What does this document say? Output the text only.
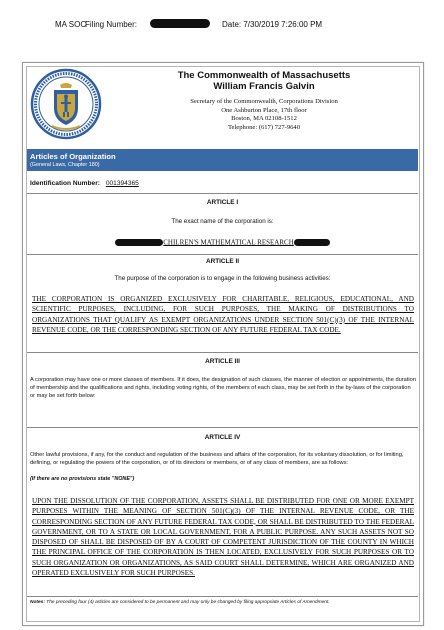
MA SOC
Filing Number:	Date: 7/30/2019 7:26:00 PM
The Commonwealth of Massachusetts
William Francis Galvin
Secretary of the Commonwealth, Corporations Division
One Ashburton Place, 17th floor
Boston, MA 02108-1512
Telephone: (617) 727-9640
Articles of Organization
(General Laws, Chapter 180)
Identification Number: 001394365
ARTICLE I
The exact name of the corporation is:
CHILREN'S MATHEMATICAL RESEARCH
ARTICLE II
The purpose of the corporation is to engage in the following business activities:
THE CORPORATION IS ORGANIZED EXCLUSIVELY FOR CHARITABLE, RELIGIOUS, EDUCATIONAL, AND SCIENTIFIC PURPOSES, INCLUDING, FOR SUCH PURPOSES, THE MAKING OF DISTRIBUTIONS TO ORGANIZATIONS THAT QUALIFY AS EXEMPT ORGANIZATIONS UNDER SECTION 501(C)(3) OF THE INTERNAL REVENUE CODE, OR THE CORRESPONDING SECTION OF ANY FUTURE FEDERAL TAX CODE.
ARTICLE III
A corporation may have one or more classes of members. If it does, the designation of such classes, the manner of election or appointments, the duration of membership and the qualifications and rights, including voting rights, of the members of each class, may be set forth in the by-laws of the corporation or may be set forth below:
ARTICLE IV
Other lawful provisions, if any, for the conduct and regulation of the business and affairs of the corporation, for its voluntary dissolution, or for limiting, defining, or regulating the powers of the corporation, or of its directors or members, or of any class of members, are as follows:
(If there are no provisions state "NONE")
UPON THE DISSOLUTION OF THE CORPORATION, ASSETS SHALL BE DISTRIBUTED FOR ONE OR MORE EXEMPT PURPOSES WITHIN THE MEANING OF SECTION 501(C)(3) OF THE INTERNAL REVENUE CODE, OR THE CORRESPONDING SECTION OF ANY FUTURE FEDERAL TAX CODE, OR SHALL BE DISTRIBUTED TO THE FEDERAL GOVERNMENT, OR TO A STATE OR LOCAL GOVERNMENT, FOR A PUBLIC PURPOSE. ANY SUCH ASSETS NOT SO DISPOSED OF SHALL BE DISPOSED OF BY A COURT OF COMPETENT JURISDICTION OF THE COUNTY IN WHICH THE PRINCIPAL OFFICE OF THE CORPORATION IS THEN LOCATED, EXCLUSIVELY FOR SUCH PURPOSES OR TO SUCH ORGANIZATION OR ORGANIZATIONS, AS SAID COURT SHALL DETERMINE, WHICH ARE ORGANIZED AND OPERATED EXCLUSIVELY FOR SUCH PURPOSES.
Notes: The preceding four (4) articles are considered to be permanent and may only be changed by filing appropriate Articles of Amendment.
